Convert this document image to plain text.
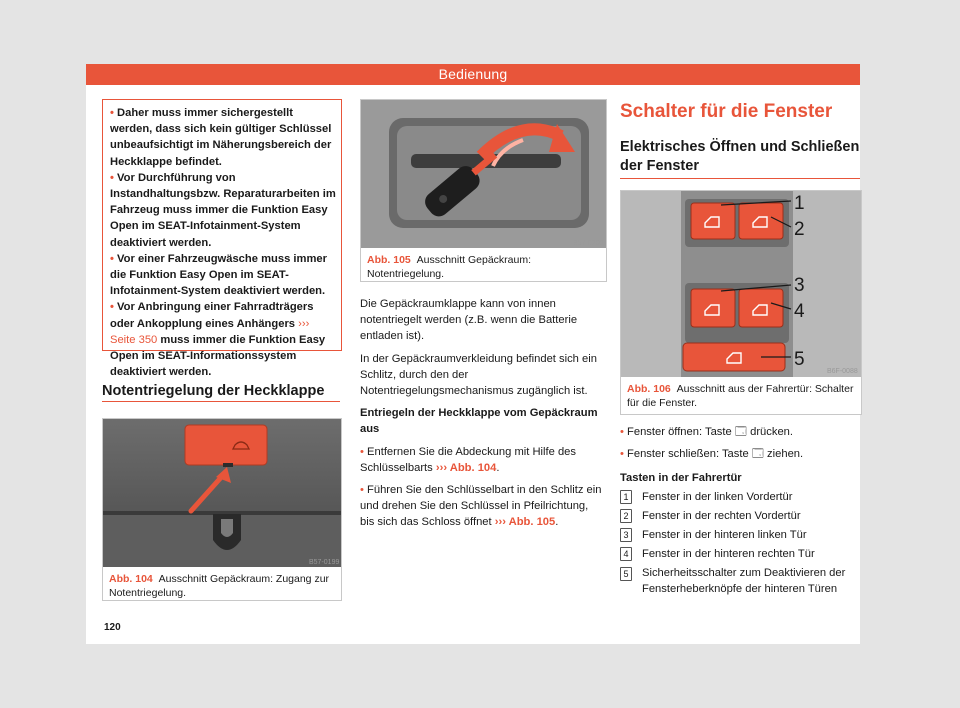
Bedienung

• Daher muss immer sichergestellt werden, dass sich kein gültiger Schlüssel unbeaufsichtigt im Näherungsbereich der Heckklappe befindet.

• Vor Durchführung von Instandhaltungsbzw. Reparaturarbeiten im Fahrzeug muss immer die Funktion Easy Open im SEAT-Infotainment-System deaktiviert werden.

• Vor einer Fahrzeugwäsche muss immer die Funktion Easy Open im SEAT-Infotainment-System deaktiviert werden.

• Vor Anbringung einer Fahrradträgers oder Ankopplung eines Anhängers ››› Seite 350 muss immer die Funktion Easy Open im SEAT-Informationssystem deaktiviert werden.

Notentriegelung der Heckklappe
B57-0199
Abb. 104 Ausschnitt Gepäckraum: Zugang zur Notentriegelung.
B57-0200
Abb. 105 Ausschnitt Gepäckraum: Notentriegelung.

Die Gepäckraumklappe kann von innen notentriegelt werden (z.B. wenn die Batterie entladen ist).

In der Gepäckraumverkleidung befindet sich ein Schlitz, durch den der Notentriegelungsmechanismus zugänglich ist.

Entriegeln der Heckklappe vom Gepäckraum aus

• Entfernen Sie die Abdeckung mit Hilfe des Schlüsselbarts ››› Abb. 104.

• Führen Sie den Schlüsselbart in den Schlitz ein und drehen Sie den Schlüssel in Pfeilrichtung, bis sich das Schloss öffnet ››› Abb. 105.

Schalter für die Fenster
Elektrisches Öffnen und Schließen der Fenster
1
2
3
4
5
B6F-0088
Abb. 106 Ausschnitt aus der Fahrertür: Schalter für die Fenster.

• Fenster öffnen: Taste 🗔 drücken.

• Fenster schließen: Taste 🗔 ziehen.

Tasten in der Fahrertür

1 Fenster in der linken Vordertür
2 Fenster in der rechten Vordertür
3 Fenster in der hinteren linken Tür
4 Fenster in der hinteren rechten Tür
5	Sicherheitsschalter zum Deaktivieren der Fensterheberknöpfe der hinteren Türen
120
